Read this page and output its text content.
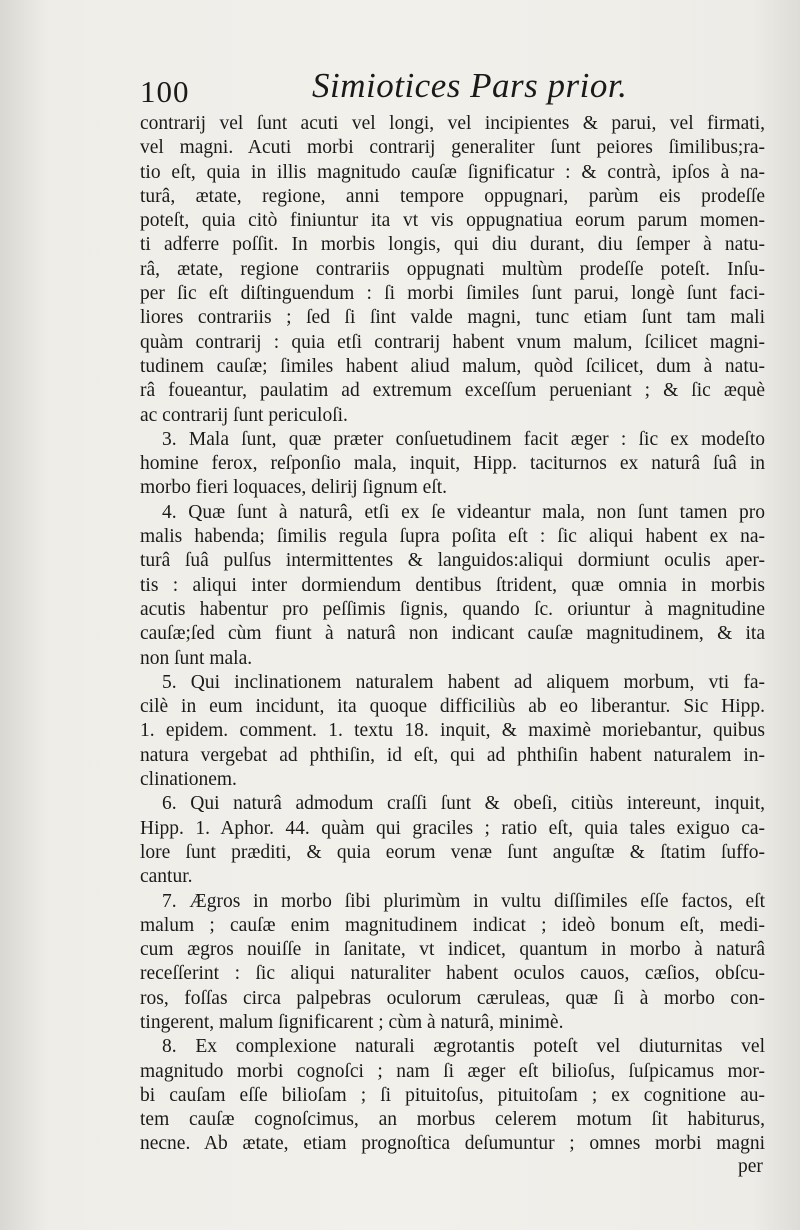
100	Simiotices Pars prior.
contrarij vel ſunt acuti vel longi, vel incipientes & parui, vel firmati,
vel magni. Acuti morbi contrarij generaliter ſunt peiores ſimilibus;ra-
tio eſt, quia in illis magnitudo cauſæ ſignificatur : & contrà, ipſos à na-
turâ, ætate, regione, anni tempore oppugnari, parùm eis prodeſſe
poteſt, quia citò finiuntur ita vt vis oppugnatiua eorum parum momen-
ti adferre poſſit. In morbis longis, qui diu durant, diu ſemper à natu-
râ, ætate, regione contrariis oppugnati multùm prodeſſe poteſt. Inſu-
per ſic eſt diſtinguendum : ſi morbi ſimiles ſunt parui, longè ſunt faci-
liores contrariis ; ſed ſi ſint valde magni, tunc etiam ſunt tam mali
quàm contrarij : quia etſi contrarij habent vnum malum, ſcilicet magni-
tudinem cauſæ; ſimiles habent aliud malum, quòd ſcilicet, dum à natu-
râ foueantur, paulatim ad extremum exceſſum perueniant ; & ſic æquè
ac contrarij ſunt periculoſi.
3. Mala ſunt, quæ præter conſuetudinem facit æger : ſic ex modeſto
homine ferox, reſponſio mala, inquit, Hipp. taciturnos ex naturâ ſuâ in
morbo fieri loquaces, delirij ſignum eſt.
4. Quæ ſunt à naturâ, etſi ex ſe videantur mala, non ſunt tamen pro
malis habenda; ſimilis regula ſupra poſita eſt : ſic aliqui habent ex na-
turâ ſuâ pulſus intermittentes & languidos:aliqui dormiunt oculis aper-
tis : aliqui inter dormiendum dentibus ſtrident, quæ omnia in morbis
acutis habentur pro peſſimis ſignis, quando ſc. oriuntur à magnitudine
cauſæ;ſed cùm fiunt à naturâ non indicant cauſæ magnitudinem, & ita
non ſunt mala.
5. Qui inclinationem naturalem habent ad aliquem morbum, vti fa-
cilè in eum incidunt, ita quoque difficiliùs ab eo liberantur. Sic Hipp.
1. epidem. comment. 1. textu 18. inquit, & maximè moriebantur, quibus
natura vergebat ad phthiſin, id eſt, qui ad phthiſin habent naturalem in-
clinationem.
6. Qui naturâ admodum craſſi ſunt & obeſi, citiùs intereunt, inquit,
Hipp. 1. Aphor. 44. quàm qui graciles ; ratio eſt, quia tales exiguo ca-
lore ſunt præditi, & quia eorum venæ ſunt anguſtæ & ſtatim ſuffo-
cantur.
7. Ægros in morbo ſibi plurimùm in vultu diſſimiles eſſe factos, eſt
malum ; cauſæ enim magnitudinem indicat ; ideò bonum eſt, medi-
cum ægros nouiſſe in ſanitate, vt indicet, quantum in morbo à naturâ
receſſerint : ſic aliqui naturaliter habent oculos cauos, cæſios, obſcu-
ros, foſſas circa palpebras oculorum cæruleas, quæ ſi à morbo con-
tingerent, malum ſignificarent ; cùm à naturâ, minimè.
8. Ex complexione naturali ægrotantis poteſt vel diuturnitas vel
magnitudo morbi cognoſci ; nam ſi æger eſt bilioſus, ſuſpicamus mor-
bi cauſam eſſe bilioſam ; ſi pituitoſus, pituitoſam ; ex cognitione au-
tem cauſæ cognoſcimus, an morbus celerem motum ſit habiturus,
necne. Ab ætate, etiam prognoſtica deſumuntur ; omnes morbi magni
per
